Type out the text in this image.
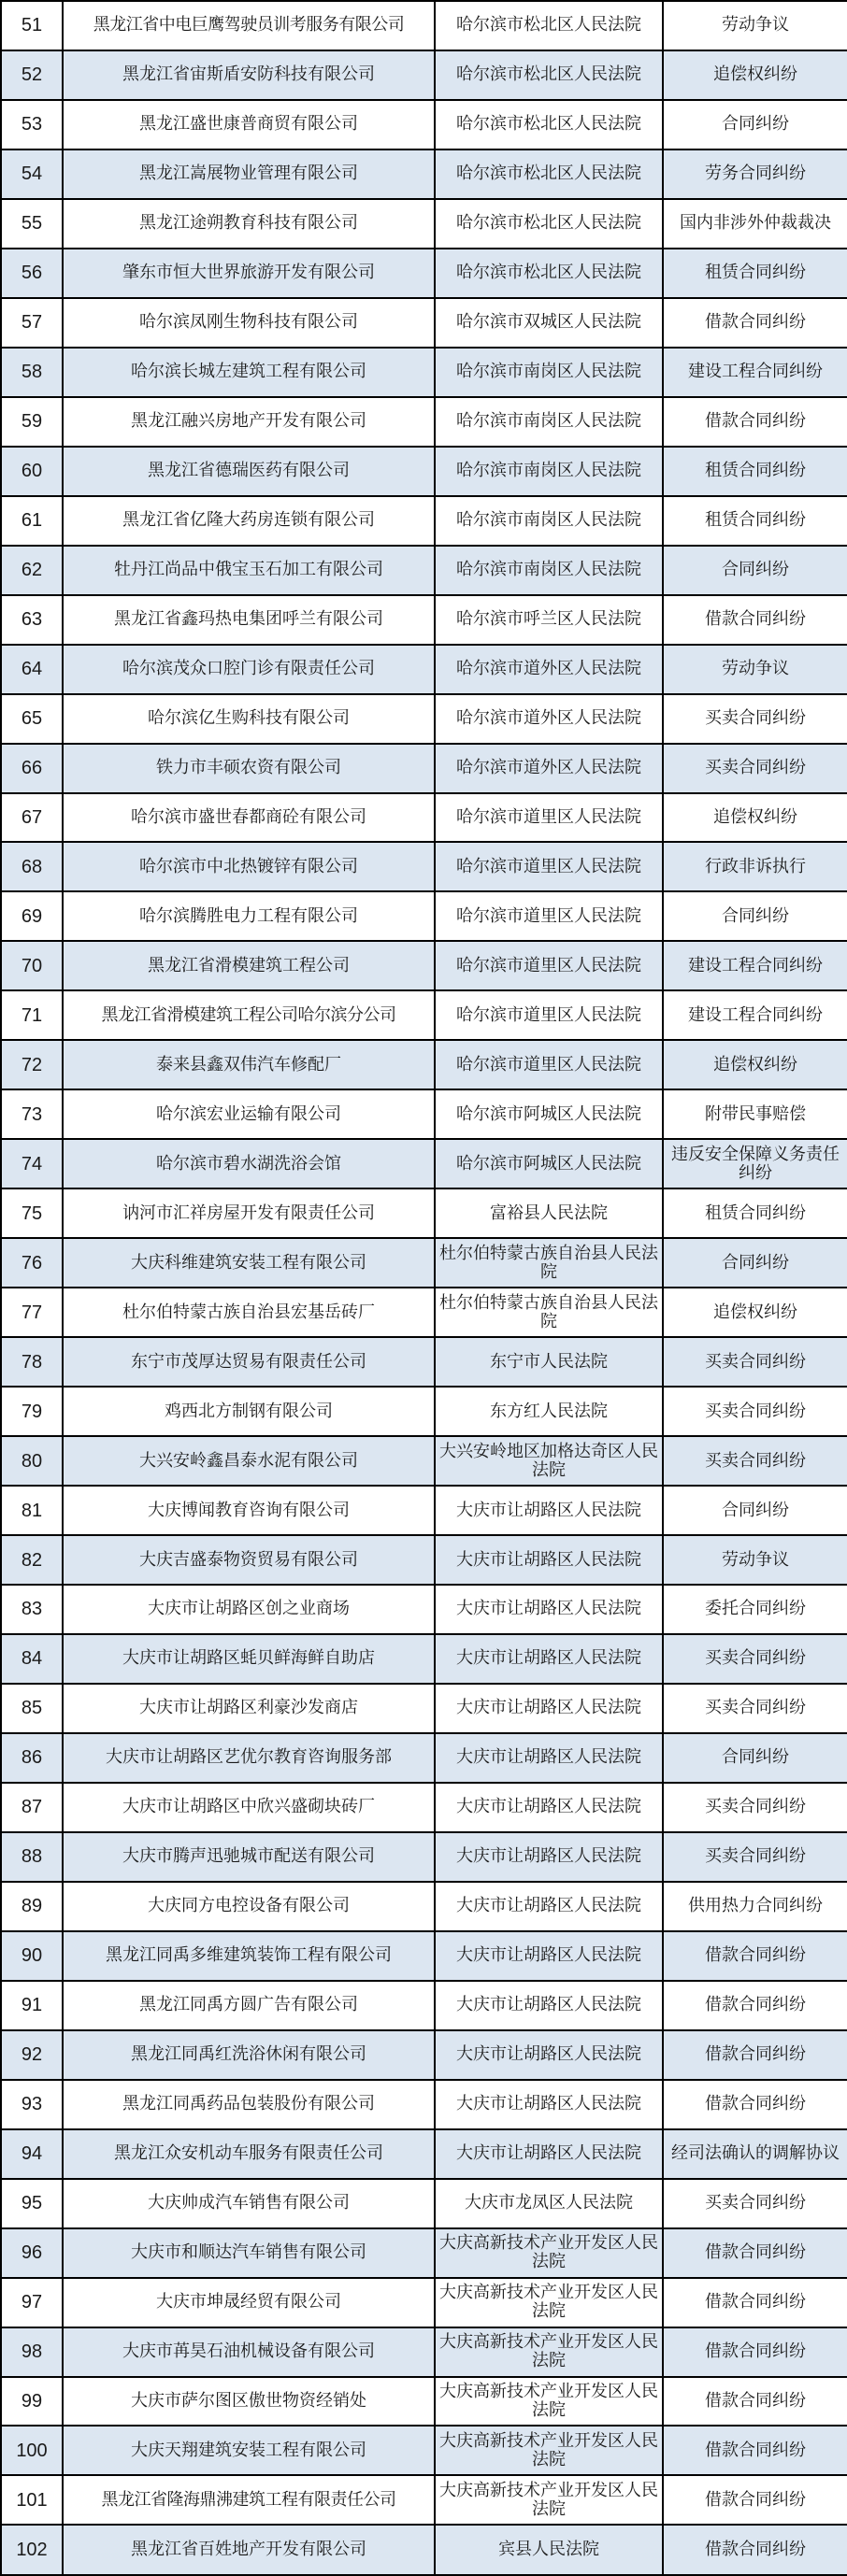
51	黑龙江省中电巨鹰驾驶员训考服务有限公司	哈尔滨市松北区人民法院	劳动争议
52	黑龙江省宙斯盾安防科技有限公司	哈尔滨市松北区人民法院	追偿权纠纷
53	黑龙江盛世康普商贸有限公司	哈尔滨市松北区人民法院	合同纠纷
54	黑龙江嵩展物业管理有限公司	哈尔滨市松北区人民法院	劳务合同纠纷
55	黑龙江途朔教育科技有限公司	哈尔滨市松北区人民法院	国内非涉外仲裁裁决
56	肇东市恒大世界旅游开发有限公司	哈尔滨市松北区人民法院	租赁合同纠纷
57	哈尔滨凤刚生物科技有限公司	哈尔滨市双城区人民法院	借款合同纠纷
58	哈尔滨长城左建筑工程有限公司	哈尔滨市南岗区人民法院	建设工程合同纠纷
59	黑龙江融兴房地产开发有限公司	哈尔滨市南岗区人民法院	借款合同纠纷
60	黑龙江省德瑞医药有限公司	哈尔滨市南岗区人民法院	租赁合同纠纷
61	黑龙江省亿隆大药房连锁有限公司	哈尔滨市南岗区人民法院	租赁合同纠纷
62	牡丹江尚品中俄宝玉石加工有限公司	哈尔滨市南岗区人民法院	合同纠纷
63	黑龙江省鑫玛热电集团呼兰有限公司	哈尔滨市呼兰区人民法院	借款合同纠纷
64	哈尔滨茂众口腔门诊有限责任公司	哈尔滨市道外区人民法院	劳动争议
65	哈尔滨亿生购科技有限公司	哈尔滨市道外区人民法院	买卖合同纠纷
66	铁力市丰硕农资有限公司	哈尔滨市道外区人民法院	买卖合同纠纷
67	哈尔滨市盛世春都商砼有限公司	哈尔滨市道里区人民法院	追偿权纠纷
68	哈尔滨市中北热镀锌有限公司	哈尔滨市道里区人民法院	行政非诉执行
69	哈尔滨腾胜电力工程有限公司	哈尔滨市道里区人民法院	合同纠纷
70	黑龙江省滑模建筑工程公司	哈尔滨市道里区人民法院	建设工程合同纠纷
71	黑龙江省滑模建筑工程公司哈尔滨分公司	哈尔滨市道里区人民法院	建设工程合同纠纷
72	泰来县鑫双伟汽车修配厂	哈尔滨市道里区人民法院	追偿权纠纷
73	哈尔滨宏业运输有限公司	哈尔滨市阿城区人民法院	附带民事赔偿
74	哈尔滨市碧水湖洗浴会馆	哈尔滨市阿城区人民法院	违反安全保障义务责任纠纷
75	讷河市汇祥房屋开发有限责任公司	富裕县人民法院	租赁合同纠纷
76	大庆科维建筑安装工程有限公司	杜尔伯特蒙古族自治县人民法院	合同纠纷
77	杜尔伯特蒙古族自治县宏基岳砖厂	杜尔伯特蒙古族自治县人民法院	追偿权纠纷
78	东宁市茂厚达贸易有限责任公司	东宁市人民法院	买卖合同纠纷
79	鸡西北方制钢有限公司	东方红人民法院	买卖合同纠纷
80	大兴安岭鑫昌泰水泥有限公司	大兴安岭地区加格达奇区人民法院	买卖合同纠纷
81	大庆博闻教育咨询有限公司	大庆市让胡路区人民法院	合同纠纷
82	大庆吉盛泰物资贸易有限公司	大庆市让胡路区人民法院	劳动争议
83	大庆市让胡路区创之业商场	大庆市让胡路区人民法院	委托合同纠纷
84	大庆市让胡路区蚝贝鲜海鲜自助店	大庆市让胡路区人民法院	买卖合同纠纷
85	大庆市让胡路区利豪沙发商店	大庆市让胡路区人民法院	买卖合同纠纷
86	大庆市让胡路区艺优尔教育咨询服务部	大庆市让胡路区人民法院	合同纠纷
87	大庆市让胡路区中欣兴盛砌块砖厂	大庆市让胡路区人民法院	买卖合同纠纷
88	大庆市腾声迅驰城市配送有限公司	大庆市让胡路区人民法院	买卖合同纠纷
89	大庆同方电控设备有限公司	大庆市让胡路区人民法院	供用热力合同纠纷
90	黑龙江同禹多维建筑装饰工程有限公司	大庆市让胡路区人民法院	借款合同纠纷
91	黑龙江同禹方圆广告有限公司	大庆市让胡路区人民法院	借款合同纠纷
92	黑龙江同禹红洗浴休闲有限公司	大庆市让胡路区人民法院	借款合同纠纷
93	黑龙江同禹药品包装股份有限公司	大庆市让胡路区人民法院	借款合同纠纷
94	黑龙江众安机动车服务有限责任公司	大庆市让胡路区人民法院	经司法确认的调解协议
95	大庆帅成汽车销售有限公司	大庆市龙凤区人民法院	买卖合同纠纷
96	大庆市和顺达汽车销售有限公司	大庆高新技术产业开发区人民法院	借款合同纠纷
97	大庆市坤晟经贸有限公司	大庆高新技术产业开发区人民法院	借款合同纠纷
98	大庆市苒昊石油机械设备有限公司	大庆高新技术产业开发区人民法院	借款合同纠纷
99	大庆市萨尔图区傲世物资经销处	大庆高新技术产业开发区人民法院	借款合同纠纷
100	大庆天翔建筑安装工程有限公司	大庆高新技术产业开发区人民法院	借款合同纠纷
101	黑龙江省隆海鼎沸建筑工程有限责任公司	大庆高新技术产业开发区人民法院	借款合同纠纷
102	黑龙江省百姓地产开发有限公司	宾县人民法院	借款合同纠纷
